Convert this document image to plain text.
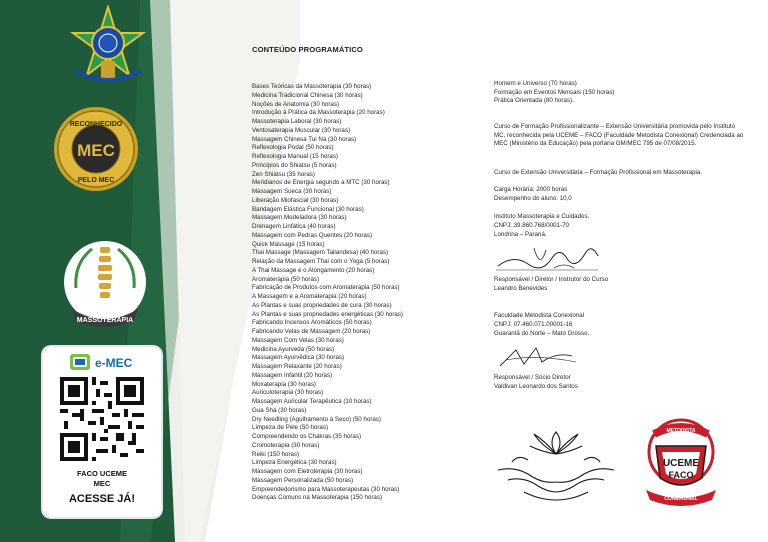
RECONHECIDO
MEC
PELO MEC
MASSOTERAPIA
e-MEC
FACO UCEME
MEC
ACESSE JÁ!
CONTEÚDO PROGRAMÁTICO
Bases Teóricas da Massoterapia (30 horas)
Medicina Tradicional Chinesa (30 horas)
Noções de Anatomia (30 horas)
Introdução à Prática da Massoterapia (20 horas)
Massoterapia Laboral (30 horas)
Ventosaterapia Muscular (30 horas)
Massagem Chinesa Tui Ná (30 horas)
Reflexologia Podal (50 horas)
Reflexologia Manual (15 horas)
Princípios do Shiatsu (5 horas)
Zen Shiatsu (35 horas)
Meridianos de Energia segundo a MTC (30 horas)
Massagem Sueca (30 horas)
Liberação Miofascial (30 horas)
Bandagem Elástica Funcional (30 horas)
Massagem Modeladora (30 horas)
Drenagem Linfática (40 horas)
Massagem com Pedras Quentes (20 horas)
Quick Massage (15 horas)
Thai Massage (Massagem Tailandesa) (40 horas)
Relação da Massagem Thai com o Yoga (5 horas)
A Thai Massage e o Alongamento (20 horas)
Aromaterapia (50 horas)
Fabricação de Produtos com Aromaterapia (50 horas)
A Massagem e a Aromaterapia (20 horas)
As Plantas e suas propriedades de cura (30 horas)
As Plantas e suas propriedades energéticas (30 horas)
Fabricando Incensos Aromáticos (50 horas)
Fabricando Velas de Massagem (20 horas)
Massagem Com Velas (30 horas)
Medicina Ayurveda (50 horas)
Massagem Ayurvédica (30 horas)
Massagem Relaxante (20 horas)
Massagem Infantil (20 horas)
Moxaterapia (30 horas)
Auriculoterapia (30 horas)
Massagem Auricular Terapêutica (10 horas)
Gua Shá (30 horas)
Dry Needling (Agulhamento à Seco) (50 horas)
Limpeza de Pele (50 horas)
Compreendendo os Chakras (35 horas)
Cromoterapia (30 horas)
Reiki (150 horas)
Limpeza Energética (30 horas)
Massagem com Eletroterapia (30 horas)
Massagem Personalizada (50 horas)
Empreendedorismo para Massoterapeutas (30 horas)
Doenças Comuns na Massoterapia (150 horas)
Homem e Universo (70 horas)
Formação em Eventos Mensais (150 horas)
Prática Orientada (80 horas).
Curso de Formação Profissionalizante – Extensão Universitária promovida pelo Instituto MC, reconhecida pela UCEME – FACO (Faculdade Metodista Conexional) Credenciada ao MEC (Ministério da Educação) pela portaria GM/MEC 795 de 07/08/2015.
Curso de Extensão Universitária – Formação Profissional em Massoterapia.
Carga Horária: 2000 horas
Desempenho do aluno: 10,0
Instituto Massoterapia e Cuidados.
CNPJ: 39.860.768/0001-70
Londrina – Paraná.
Responsável / Diretor / Instrutor do Curso
Leandro Benevides
Faculdade Metodista Conexional
CNPJ: 07.460.071.00001-16
Guarantã do Norte – Mato Grosso.
Responsável / Sócio Diretor
Valdivan Leonardo dos Santos
METODISTA
UCEME
FACO
CONEXIONAL
